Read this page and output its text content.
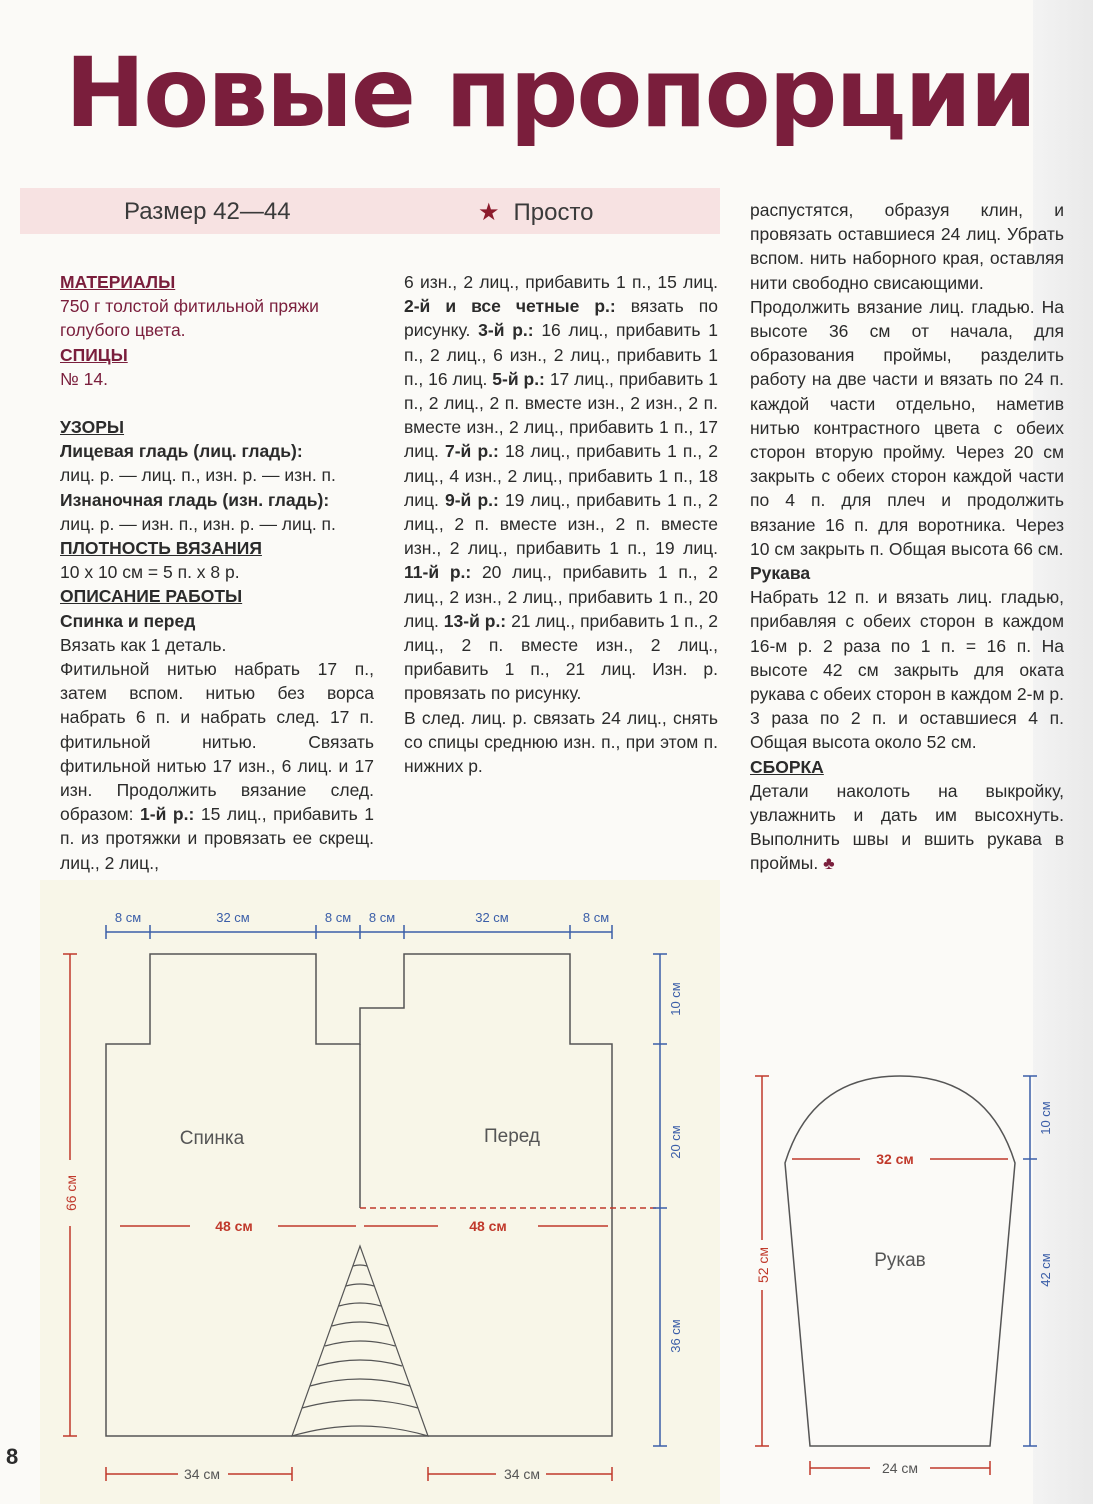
Новые пропорции
Размер 42—44	★ Просто

МАТЕРИАЛЫ

750 г толстой фитильной пряжи голубого цвета.

СПИЦЫ

№ 14.

УЗОРЫ

Лицевая гладь (лиц. гладь):

лиц. р. — лиц. п., изн. р. — изн. п.

Изнаночная гладь (изн. гладь):

лиц. р. — изн. п., изн. р. — лиц. п.

ПЛОТНОСТЬ ВЯЗАНИЯ

10 х 10 см = 5 п. х 8 р.

ОПИСАНИЕ РАБОТЫ

Спинка и перед

Вязать как 1 деталь.

Фитильной нитью набрать 17 п., затем вспом. нитью без ворса набрать 6 п. и набрать след. 17 п. фитильной нитью. Связать фитильной нитью 17 изн., 6 лиц. и 17 изн. Продолжить вязание след. образом: 1-й р.: 15 лиц., прибавить 1 п. из протяжки и провязать ее скрещ. лиц., 2 лиц.,

6 изн., 2 лиц., прибавить 1 п., 15 лиц. 2-й и все четные р.: вязать по рисунку. 3-й р.: 16 лиц., прибавить 1 п., 2 лиц., 6 изн., 2 лиц., прибавить 1 п., 16 лиц. 5-й р.: 17 лиц., прибавить 1 п., 2 лиц., 2 п. вместе изн., 2 изн., 2 п. вместе изн., 2 лиц., прибавить 1 п., 17 лиц. 7-й р.: 18 лиц., прибавить 1 п., 2 лиц., 4 изн., 2 лиц., прибавить 1 п., 18 лиц. 9-й р.: 19 лиц., прибавить 1 п., 2 лиц., 2 п. вместе изн., 2 п. вместе изн., 2 лиц., прибавить 1 п., 19 лиц. 11-й р.: 20 лиц., прибавить 1 п., 2 лиц., 2 изн., 2 лиц., прибавить 1 п., 20 лиц. 13-й р.: 21 лиц., прибавить 1 п., 2 лиц., 2 п. вместе изн., 2 лиц., прибавить 1 п., 21 лиц. Изн. р. провязать по рисунку.

В след. лиц. р. связать 24 лиц., снять со спицы среднюю изн. п., при этом п. нижних р.

распустятся, образуя клин, и провязать оставшиеся 24 лиц. Убрать вспом. нить наборного края, оставляя нити свободно свисающими.

Продолжить вязание лиц. гладью. На высоте 36 см от начала, для образования проймы, разделить работу на две части и вязать по 24 п. каждой части отдельно, наметив нитью контрастного цвета с обеих сторон вторую пройму. Через 20 см закрыть с обеих сторон каждой части по 4 п. для плеч и продолжить вязание 16 п. для воротника. Через 10 см закрыть п. Общая высота 66 см.

Рукава

Набрать 12 п. и вязать лиц. гладью, прибавляя с обеих сторон в каждом 16-м р. 2 раза по 1 п. = 16 п. На высоте 42 см закрыть для оката рукава с обеих сторон в каждом 2-м р. 3 раза по 2 п. и оставшиеся 4 п. Общая высота около 52 см.

СБОРКА

Детали наколоть на выкройку, увлажнить и дать им высохнуть. Выполнить швы и вшить рукава в проймы. ♣

8 см	32 см	8 см 8 см	32 см	8 см
Спинка	Перед
48 см	48 см
66 см
10 см
20 см
36 см
34 см	34 см
32 см
Рукав
52 см
10 см
42 см
24 см
8
